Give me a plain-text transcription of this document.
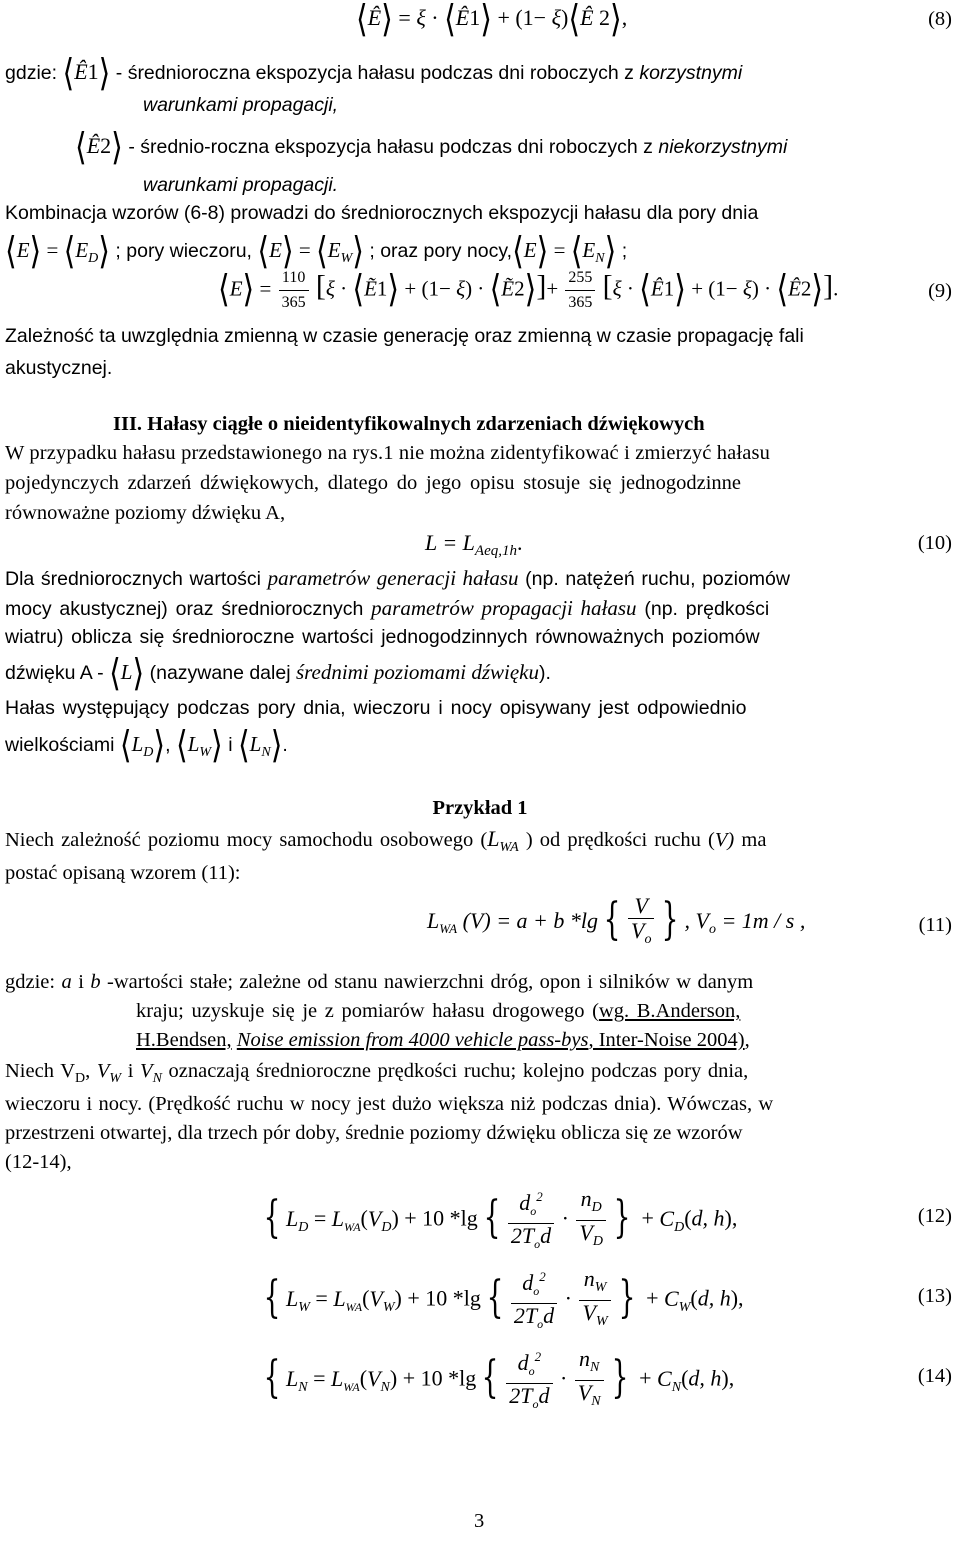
⟨Ê⟩ = ξ · ⟨Ê1⟩ + (1− ξ)⟨Ê 2⟩,	(8)
gdzie: ⟨Ê1⟩ - średnioroczna ekspozycja hałasu podczas dni roboczych z korzystnymi
warunkami propagacji,
⟨Ê2⟩ - średnio-roczna ekspozycja hałasu podczas dni roboczych z niekorzystnymi
warunkami propagacji.
Kombinacja wzorów (6-8) prowadzi do średniorocznych ekspozycji hałasu dla pory dnia
⟨E⟩ = $⟨E_D⟩$ ; pory wieczoru, ⟨E⟩ = $⟨E_W⟩$ ; oraz pory nocy,⟨E⟩ = $⟨E_N⟩$ ;
⟨E⟩ = $\frac{110}{365} [\xi$ · ⟨Ẽ1⟩ + (1− ξ) · ⟨Ẽ2⟩]+ $\frac{255}{365} [\xi$ · ⟨Ê1⟩ + (1− ξ) · ⟨Ê2⟩].	(9)
Zależność ta uwzględnia zmienną w czasie generację oraz zmienną w czasie propagację fali
akustycznej.
III. Hałasy ciągłe o nieidentyfikowalnych zdarzeniach dźwiękowych
W przypadku hałasu przedstawionego na rys.1 nie można zidentyfikować i zmierzyć hałasu
pojedynczych zdarzeń dźwiękowych, dlatego do jego opisu stosuje się jednogodzinne
równoważne poziomy dźwięku A,
$L = L_{Aeq,1h}$.	(10)
Dla średniorocznych wartości parametrów generacji hałasu (np. natężeń ruchu, poziomów
mocy akustycznej) oraz średniorocznych parametrów propagacji hałasu (np. prędkości
wiatru) oblicza się średnioroczne wartości jednogodzinnych równoważnych poziomów
dźwięku A - ⟨L⟩ (nazywane dalej średnimi poziomami dźwięku).
Hałas występujący podczas pory dnia, wieczoru i nocy opisywany jest odpowiednio
wielkościami $⟨L_D⟩$, $⟨L_W⟩$ i $⟨L_N⟩$.
Przykład 1
Niech zależność poziomu mocy samochodu osobowego ($L_{WA}$ ) od prędkości ruchu (V) ma
postać opisaną wzorem (11):
$L_{WA}$ (V) = a + b *lg { $\frac{V}{V_o}$ } , $V_o = 1m / s$ ,	(11)
gdzie: a i b -wartości stałe; zależne od stanu nawierzchni dróg, opon i silników w danym
kraju; uzyskuje się je z pomiarów hałasu drogowego (wg. B.Anderson,
H.Bendsen, Noise emission from 4000 vehicle pass-bys, Inter-Noise 2004),
Niech $V_D$, $V_W$ i $V_N$ oznaczają średnioroczne prędkości ruchu; kolejno podczas pory dnia,
wieczoru i nocy. (Prędkość ruchu w nocy jest dużo większa niż podczas dnia). Wówczas, w
przestrzeni otwartej, dla trzech pór doby, średnie poziomy dźwięku oblicza się ze wzorów
(12-14),
{ $L_D = L_{WA}(V_D) + 10$ *lg { $\frac{d_o^2}{2T_od} \cdot \frac{n_D}{V_D}$ } + $C_D(d$, h),	(12)
{ $L_W = L_{WA}(V_W) + 10$ *lg { $\frac{d_o^2}{2T_od} \cdot \frac{n_W}{V_W}$ } + $C_W(d$, h),	(13)
{ $L_N = L_{WA}(V_N) + 10$ *lg { $\frac{d_o^2}{2T_od} \cdot \frac{n_N}{V_N}$ } + $C_N(d$, h),	(14)
3
